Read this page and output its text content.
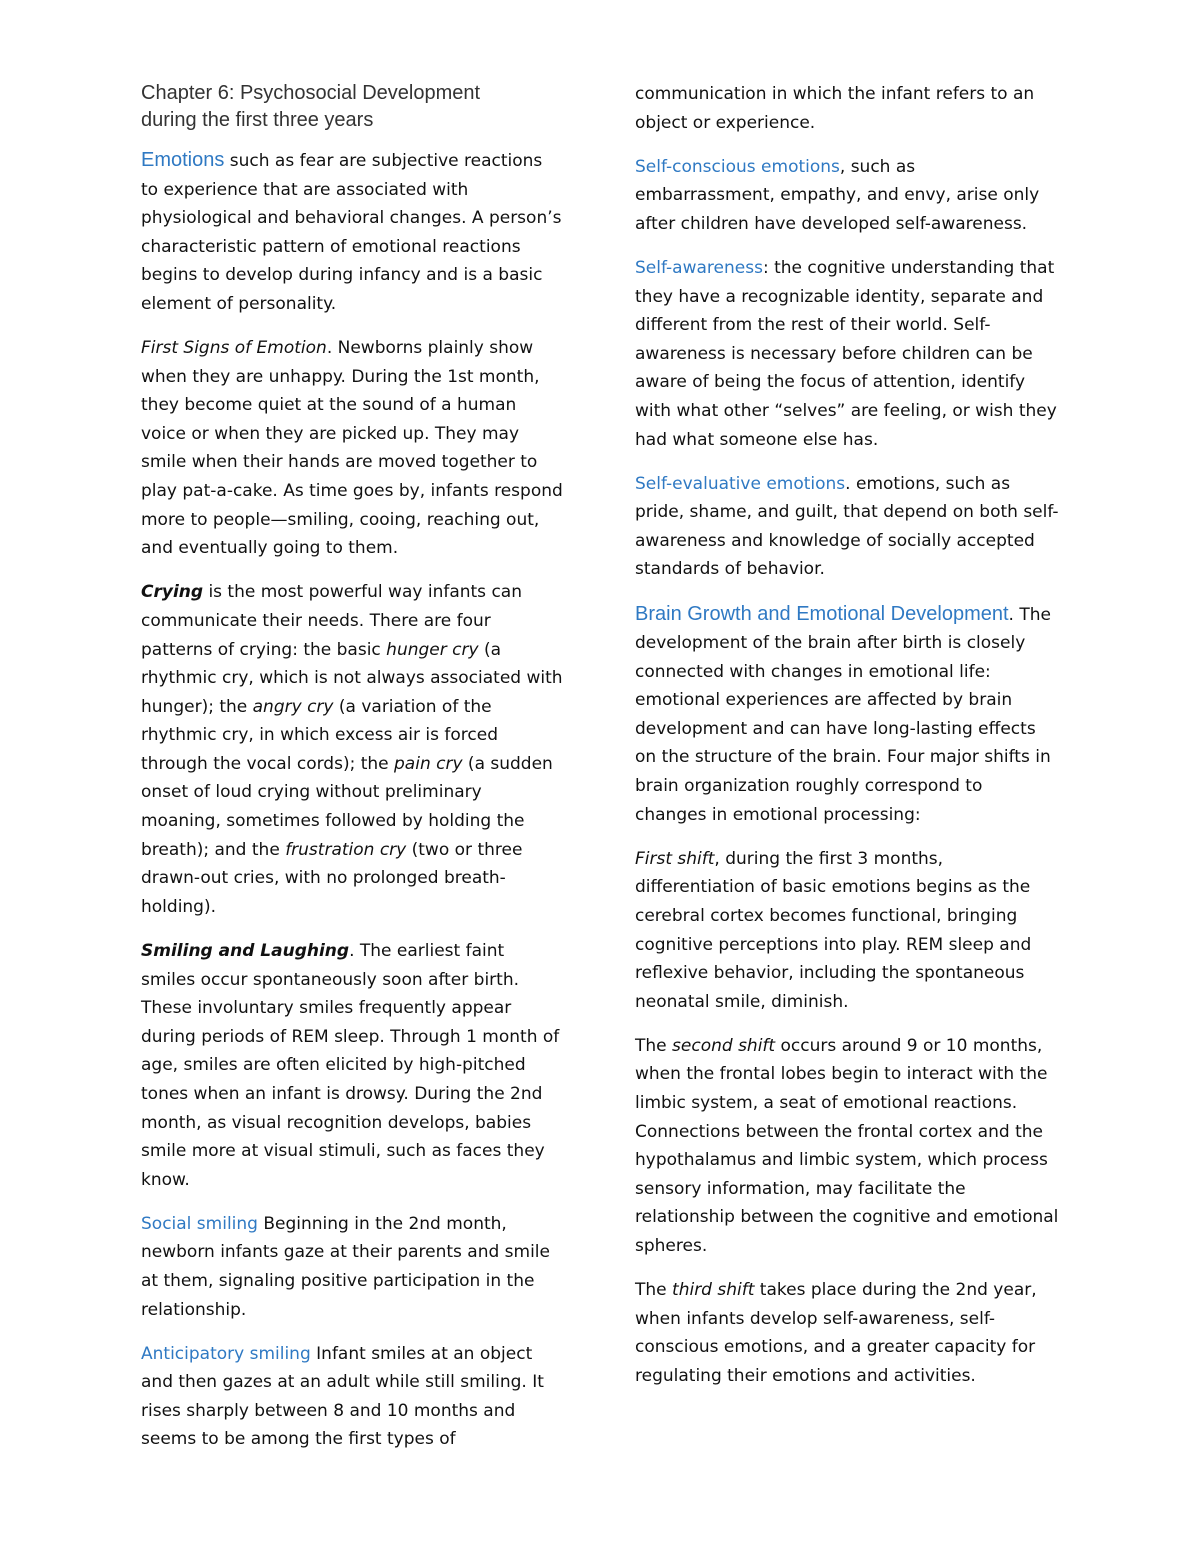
Chapter 6: Psychosocial Development
during the first three years

Emotions such as fear are subjective reactions to experience that are associated with physiological and behavioral changes. A person’s characteristic pattern of emotional reactions begins to develop during infancy and is a basic element of personality.

First Signs of Emotion. Newborns plainly show when they are unhappy. During the 1st month, they become quiet at the sound of a human voice or when they are picked up. They may smile when their hands are moved together to play pat-a-cake. As time goes by, infants respond more to people—smiling, cooing, reaching out, and eventually going to them.

Crying is the most powerful way infants can communicate their needs. There are four patterns of crying: the basic hunger cry (a rhythmic cry, which is not always associated with hunger); the angry cry (a variation of the rhythmic cry, in which excess air is forced through the vocal cords); the pain cry (a sudden onset of loud crying without preliminary moaning, sometimes followed by holding the breath); and the frustration cry (two or three drawn-out cries, with no prolonged breath-holding).

Smiling and Laughing. The earliest faint smiles occur spontaneously soon after birth. These involuntary smiles frequently appear during periods of REM sleep. Through 1 month of age, smiles are often elicited by high-pitched tones when an infant is drowsy. During the 2nd month, as visual recognition develops, babies smile more at visual stimuli, such as faces they know.

Social smiling Beginning in the 2nd month, newborn infants gaze at their parents and smile at them, signaling positive participation in the relationship.

Anticipatory smiling Infant smiles at an object and then gazes at an adult while still smiling. It rises sharply between 8 and 10 months and seems to be among the first types of

communication in which the infant refers to an object or experience.

Self-conscious emotions, such as embarrassment, empathy, and envy, arise only after children have developed self-awareness.

Self-awareness: the cognitive understanding that they have a recognizable identity, separate and different from the rest of their world. Self-awareness is necessary before children can be aware of being the focus of attention, identify with what other “selves” are feeling, or wish they had what someone else has.

Self-evaluative emotions. emotions, such as pride, shame, and guilt, that depend on both self- awareness and knowledge of socially accepted standards of behavior.

Brain Growth and Emotional Development. The development of the brain after birth is closely connected with changes in emotional life: emotional experiences are affected by brain development and can have long-lasting effects on the structure of the brain. Four major shifts in brain organization roughly correspond to changes in emotional processing:

First shift, during the first 3 months, differentiation of basic emotions begins as the cerebral cortex becomes functional, bringing cognitive perceptions into play. REM sleep and reflexive behavior, including the spontaneous neonatal smile, diminish.

The second shift occurs around 9 or 10 months, when the frontal lobes begin to interact with the limbic system, a seat of emotional reactions. Connections between the frontal cortex and the hypothalamus and limbic system, which process sensory information, may facilitate the relationship between the cognitive and emotional spheres.

The third shift takes place during the 2nd year, when infants develop self-awareness, self-conscious emotions, and a greater capacity for regulating their emotions and activities.
